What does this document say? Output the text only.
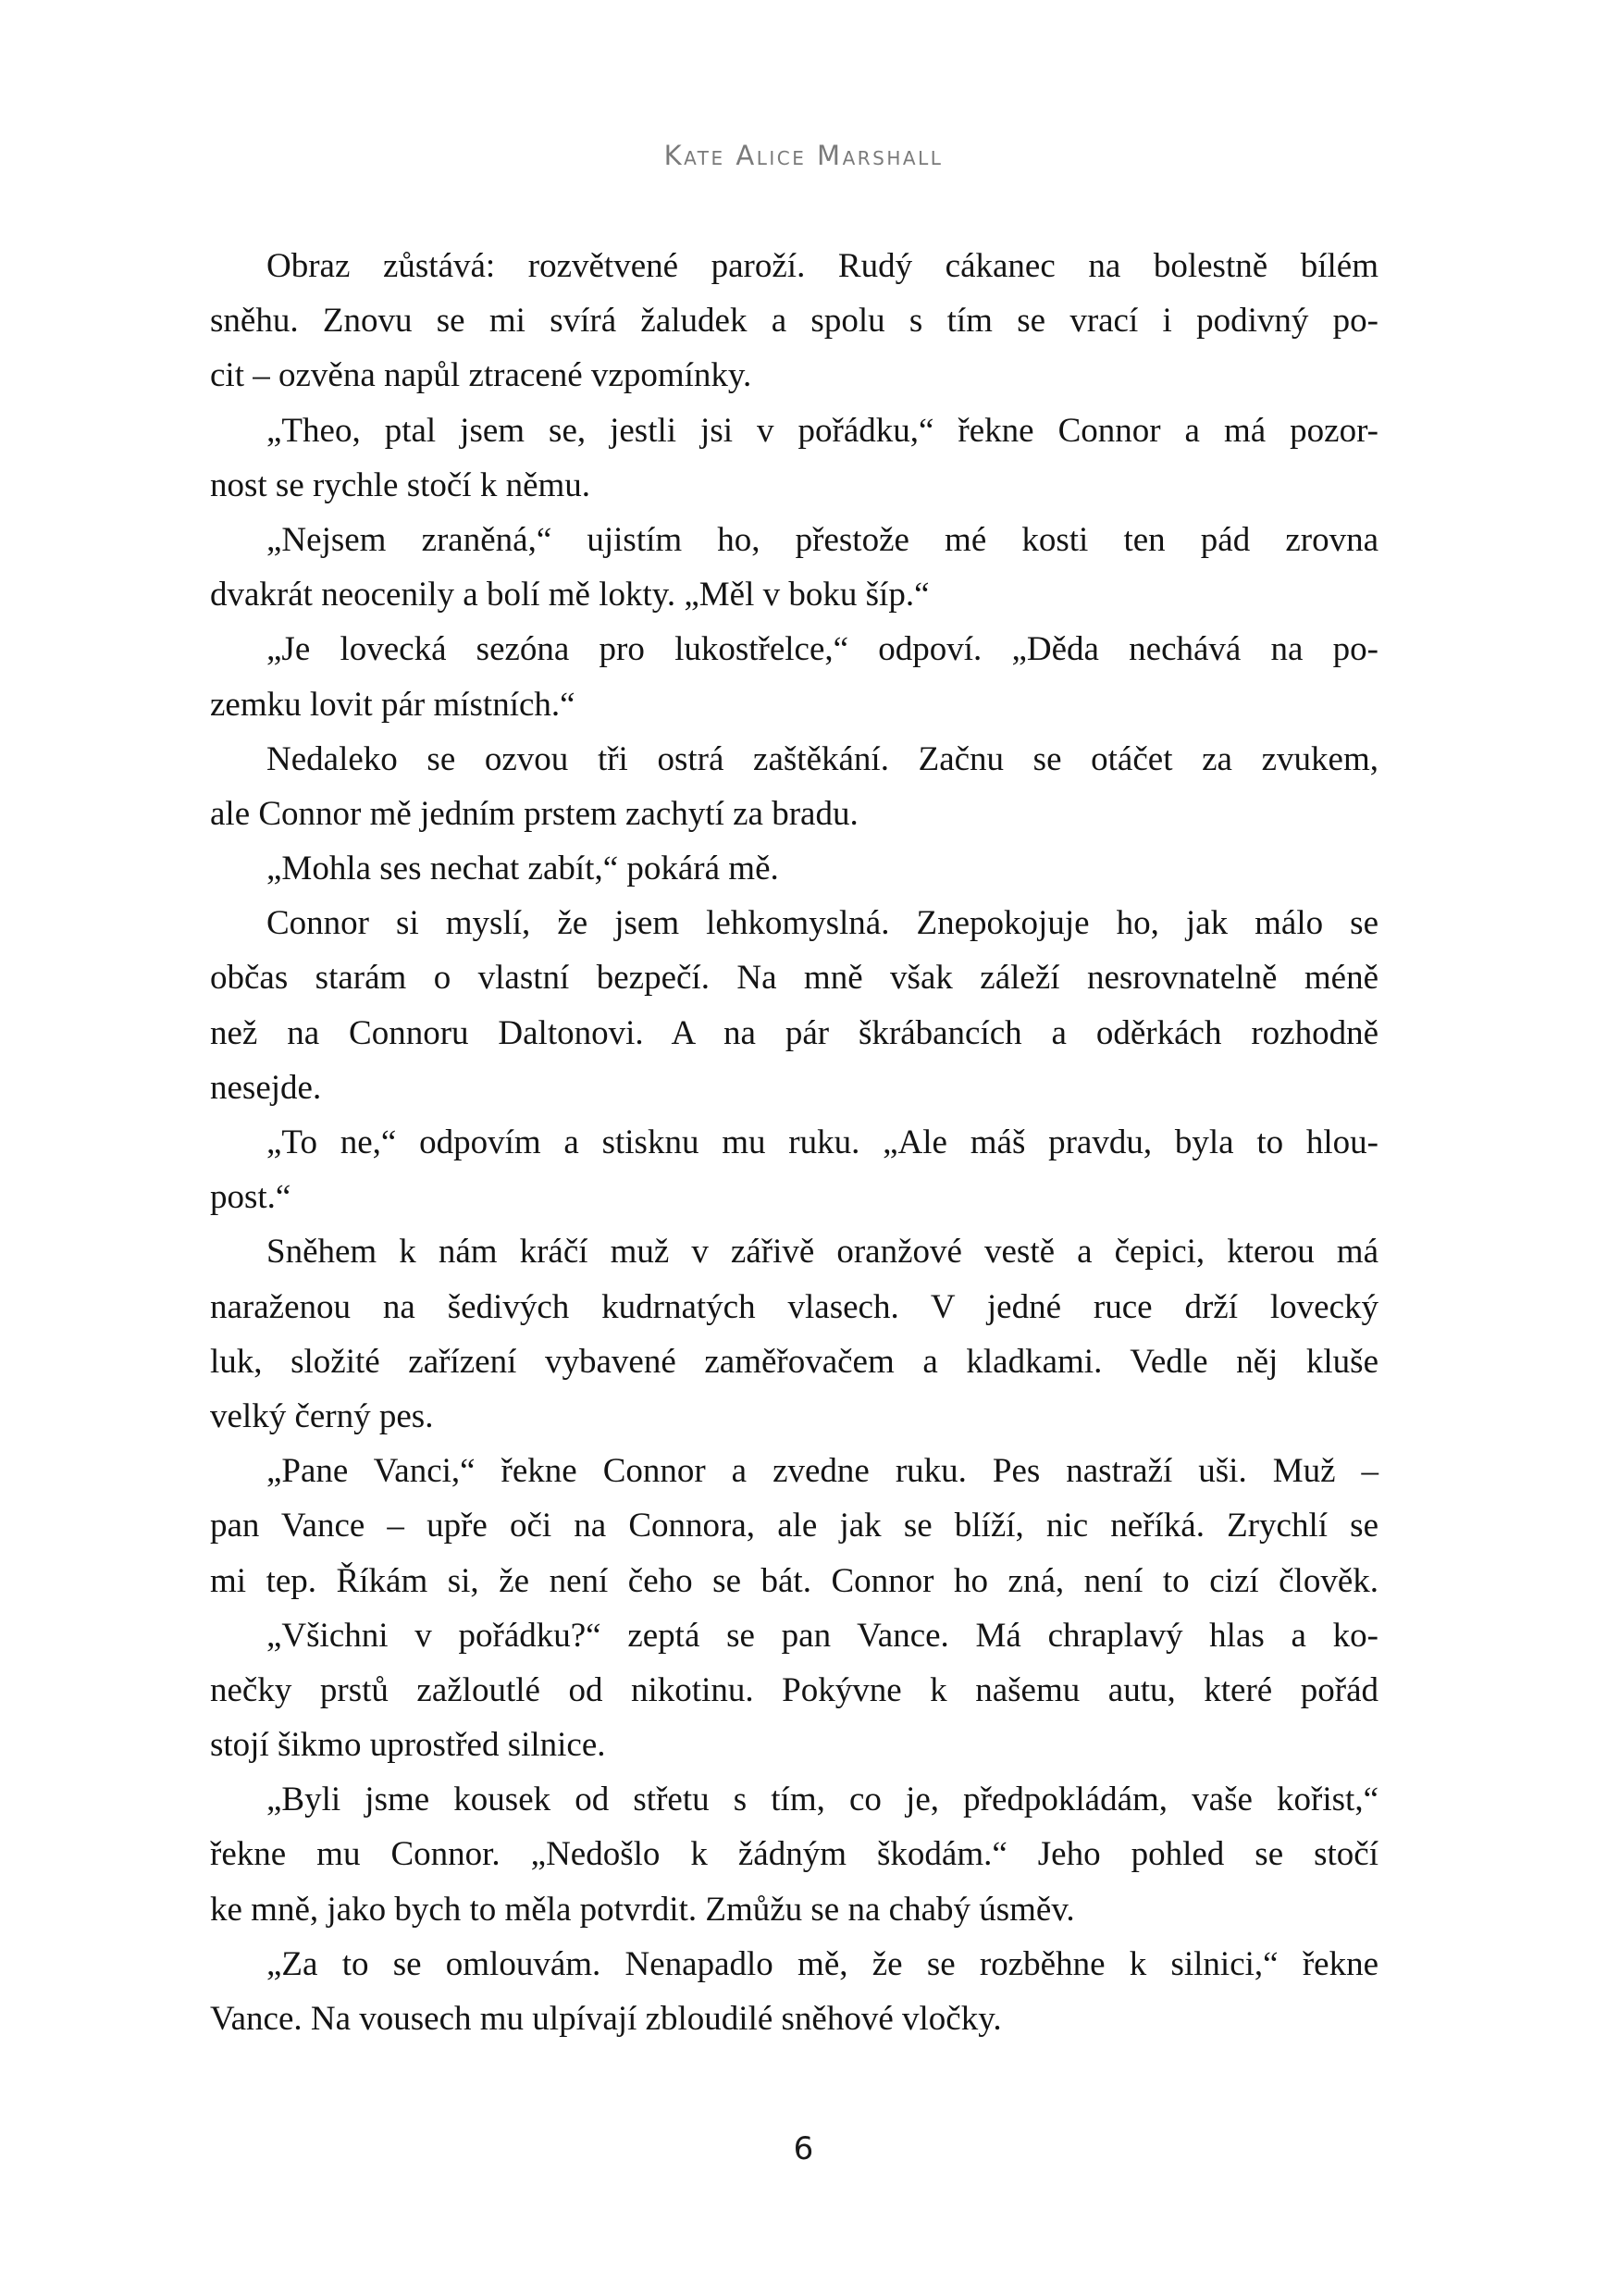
Kate Alice Marshall
Obraz zůstává: rozvětvené paroží. Rudý cákanec na bolestně bílém
sněhu. Znovu se mi svírá žaludek a spolu s tím se vrací i podivný po-
cit – ozvěna napůl ztracené vzpomínky.
„Theo, ptal jsem se, jestli jsi v pořádku,“ řekne Connor a má pozor-
nost se rychle stočí k němu.
„Nejsem zraněná,“ ujistím ho, přestože mé kosti ten pád zrovna
dvakrát neocenily a bolí mě lokty. „Měl v boku šíp.“
„Je lovecká sezóna pro lukostřelce,“ odpoví. „Děda nechává na po-
zemku lovit pár místních.“
Nedaleko se ozvou tři ostrá zaštěkání. Začnu se otáčet za zvukem,
ale Connor mě jedním prstem zachytí za bradu.
„Mohla ses nechat zabít,“ pokárá mě.
Connor si myslí, že jsem lehkomyslná. Znepokojuje ho, jak málo se
občas starám o vlastní bezpečí. Na mně však záleží nesrovnatelně méně
než na Connoru Daltonovi. A na pár škrábancích a oděrkách rozhodně
nesejde.
„To ne,“ odpovím a stisknu mu ruku. „Ale máš pravdu, byla to hlou-
post.“
Sněhem k nám kráčí muž v zářivě oranžové vestě a čepici, kterou má
naraženou na šedivých kudrnatých vlasech. V jedné ruce drží lovecký
luk, složité zařízení vybavené zaměřovačem a kladkami. Vedle něj kluše
velký černý pes.
„Pane Vanci,“ řekne Connor a zvedne ruku. Pes nastraží uši. Muž –
pan Vance – upře oči na Connora, ale jak se blíží, nic neříká. Zrychlí se
mi tep. Říkám si, že není čeho se bát. Connor ho zná, není to cizí člověk.
„Všichni v pořádku?“ zeptá se pan Vance. Má chraplavý hlas a ko-
nečky prstů zažloutlé od nikotinu. Pokývne k našemu autu, které pořád
stojí šikmo uprostřed silnice.
„Byli jsme kousek od střetu s tím, co je, předpokládám, vaše kořist,“
řekne mu Connor. „Nedošlo k žádným škodám.“ Jeho pohled se stočí
ke mně, jako bych to měla potvrdit. Zmůžu se na chabý úsměv.
„Za to se omlouvám. Nenapadlo mě, že se rozběhne k silnici,“ řekne
Vance. Na vousech mu ulpívají zbloudilé sněhové vločky.
6
